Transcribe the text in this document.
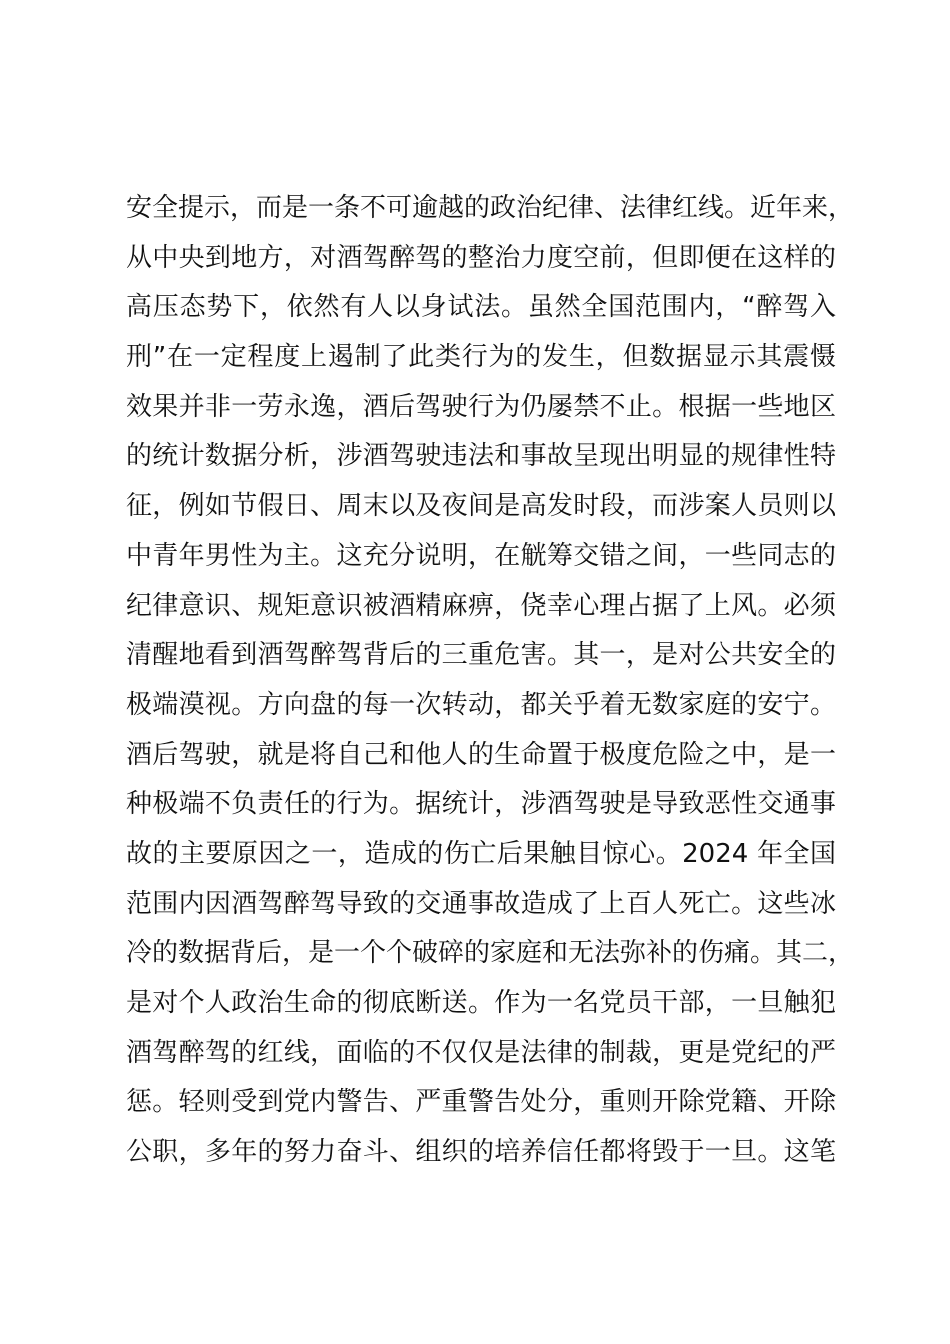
安全提示，而是一条不可逾越的政治纪律、法律红线。近年来，
从中央到地方，对酒驾醉驾的整治力度空前，但即便在这样的
高压态势下，依然有人以身试法。虽然全国范围内，“醉驾入
刑”在一定程度上遏制了此类行为的发生，但数据显示其震慑
效果并非一劳永逸，酒后驾驶行为仍屡禁不止。根据一些地区
的统计数据分析，涉酒驾驶违法和事故呈现出明显的规律性特
征，例如节假日、周末以及夜间是高发时段，而涉案人员则以
中青年男性为主。这充分说明，在觥筹交错之间，一些同志的
纪律意识、规矩意识被酒精麻痹，侥幸心理占据了上风。必须
清醒地看到酒驾醉驾背后的三重危害。其一，是对公共安全的
极端漠视。方向盘的每一次转动，都关乎着无数家庭的安宁。
酒后驾驶，就是将自己和他人的生命置于极度危险之中，是一
种极端不负责任的行为。据统计，涉酒驾驶是导致恶性交通事
故的主要原因之一，造成的伤亡后果触目惊心。2024 年全国
范围内因酒驾醉驾导致的交通事故造成了上百人死亡。这些冰
冷的数据背后，是一个个破碎的家庭和无法弥补的伤痛。其二，
是对个人政治生命的彻底断送。作为一名党员干部，一旦触犯
酒驾醉驾的红线，面临的不仅仅是法律的制裁，更是党纪的严
惩。轻则受到党内警告、严重警告处分，重则开除党籍、开除
公职，多年的努力奋斗、组织的培养信任都将毁于一旦。这笔
